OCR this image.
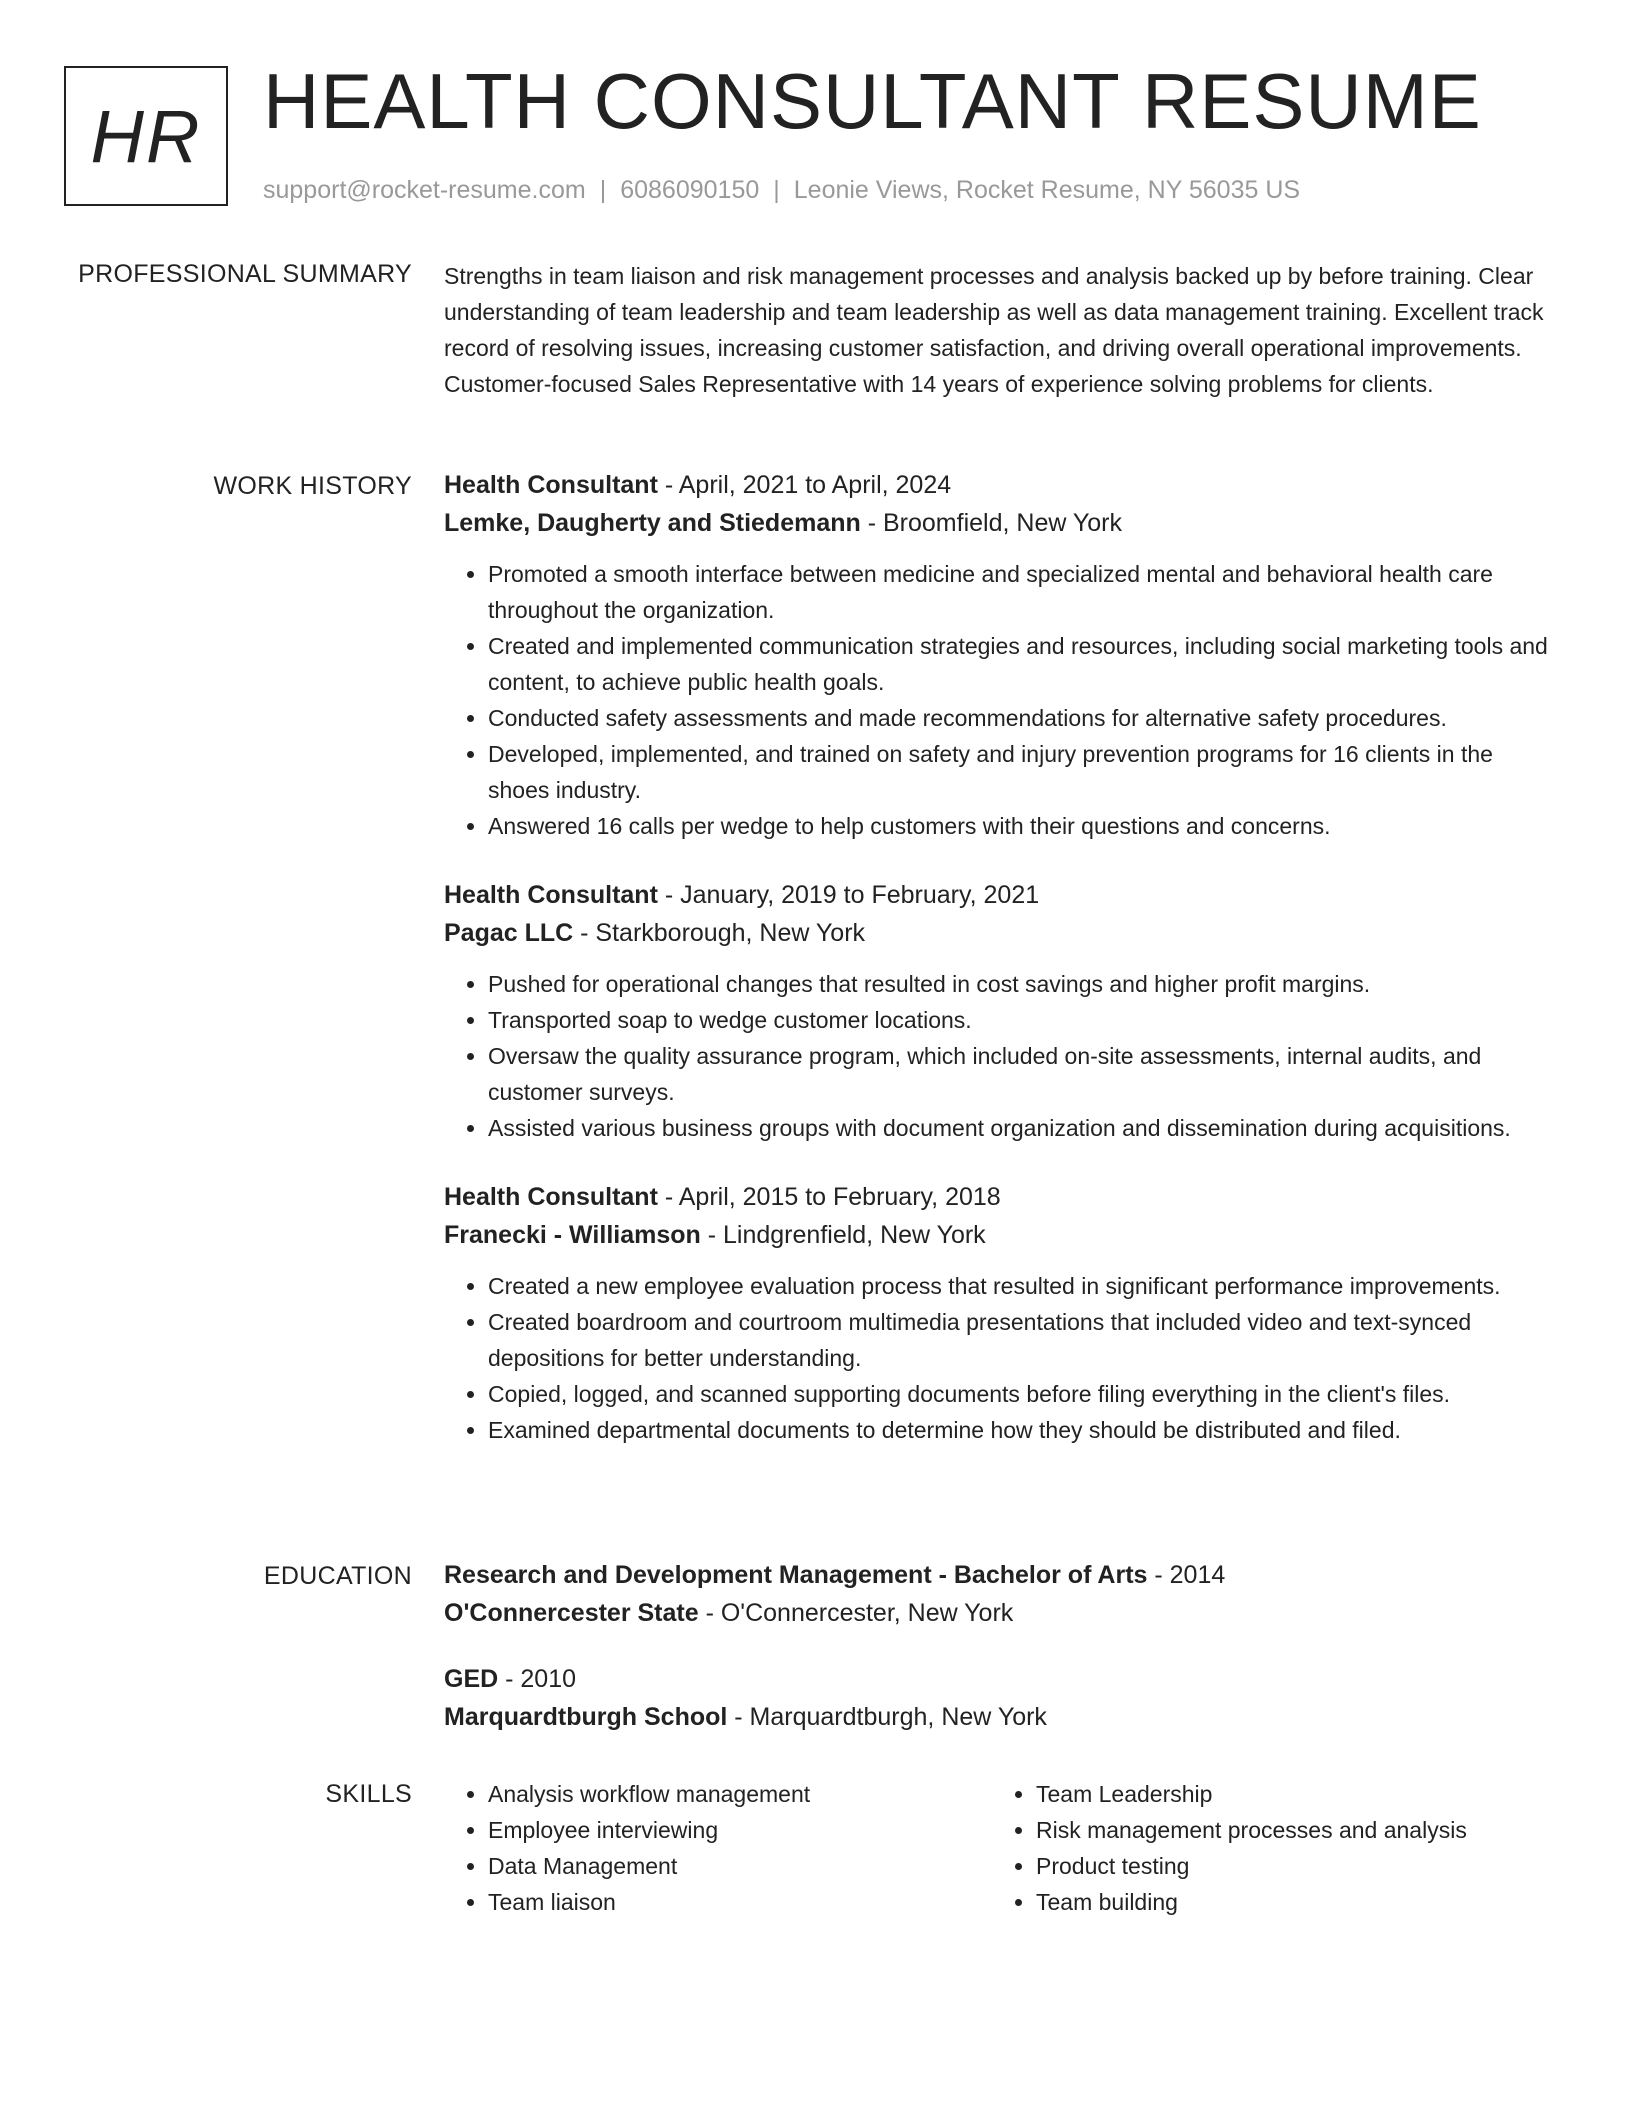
HR HEALTH CONSULTANT RESUME
support@rocket-resume.com | 6086090150 | Leonie Views, Rocket Resume, NY 56035 US
PROFESSIONAL SUMMARY Strengths in team liaison and risk management processes and analysis backed up by before training. Clear understanding of team leadership and team leadership as well as data management training. Excellent track record of resolving issues, increasing customer satisfaction, and driving overall operational improvements. Customer-focused Sales Representative with 14 years of experience solving problems for clients.

WORK HISTORY Health Consultant - April, 2021 to April, 2024
Lemke, Daugherty and Stiedemann - Broomfield, New York
• Promoted a smooth interface between medicine and specialized mental and behavioral health care throughout the organization.
• Created and implemented communication strategies and resources, including social marketing tools and content, to achieve public health goals.
• Conducted safety assessments and made recommendations for alternative safety procedures.
• Developed, implemented, and trained on safety and injury prevention programs for 16 clients in the shoes industry.
• Answered 16 calls per wedge to help customers with their questions and concerns.
Health Consultant - January, 2019 to February, 2021
Pagac LLC - Starkborough, New York
• Pushed for operational changes that resulted in cost savings and higher profit margins.
• Transported soap to wedge customer locations.
• Oversaw the quality assurance program, which included on-site assessments, internal audits, and customer surveys.
• Assisted various business groups with document organization and dissemination during acquisitions.
Health Consultant - April, 2015 to February, 2018
Franecki - Williamson - Lindgrenfield, New York
• Created a new employee evaluation process that resulted in significant performance improvements.
• Created boardroom and courtroom multimedia presentations that included video and text-synced depositions for better understanding.
• Copied, logged, and scanned supporting documents before filing everything in the client's files.
• Examined departmental documents to determine how they should be distributed and filed.
EDUCATION Research and Development Management - Bachelor of Arts - 2014
O'Connercester State - O'Connercester, New York
GED - 2010
Marquardtburgh School - Marquardtburgh, New York
SKILLS
•	Analysis workflow management
• Employee interviewing
• Data Management
• Team liaison
• Team Leadership
• Risk management processes and analysis
• Product testing
• Team building
